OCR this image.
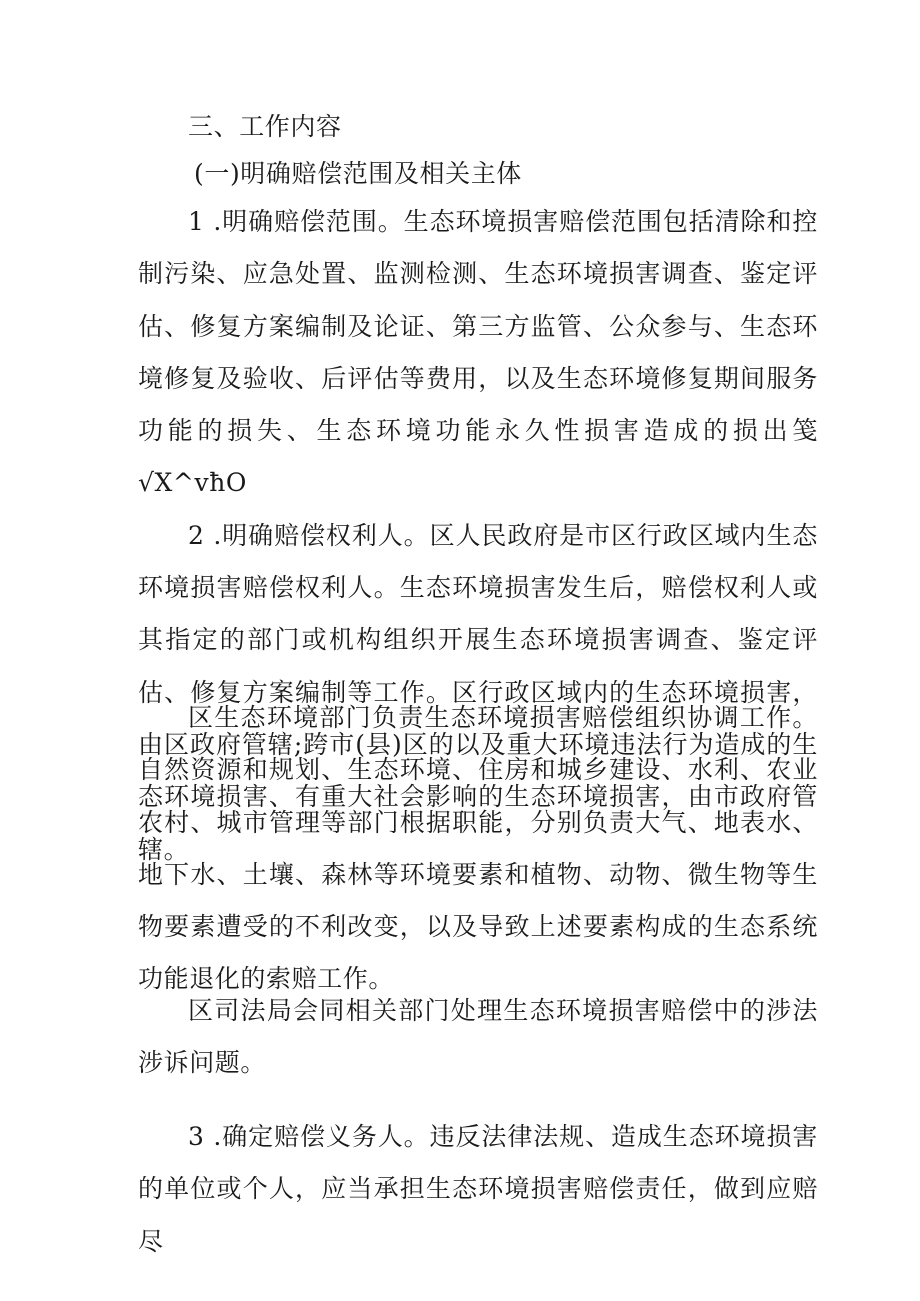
三、工作内容
(一)明确赔偿范围及相关主体

1 .明确赔偿范围。生态环境损害赔偿范围包括清除和控制污染、应急处置、监测检测、生态环境损害调查、鉴定评估、修复方案编制及论证、第三方监管、公众参与、生态环境修复及验收、后评估等费用，以及生态环境修复期间服务功能的损失、生态环境功能永久性损害造成的损出笺√X^vħO

2 .明确赔偿权利人。区人民政府是市区行政区域内生态环境损害赔偿权利人。生态环境损害发生后，赔偿权利人或其指定的部门或机构组织开展生态环境损害调查、鉴定评估、修复方案编制等工作。区行政区域内的生态环境损害，由区政府管辖;跨市(县)区的以及重大环境违法行为造成的生态环境损害、有重大社会影响的生态环境损害，由市政府管辖。

区生态环境部门负责生态环境损害赔偿组织协调工作。自然资源和规划、生态环境、住房和城乡建设、水利、农业农村、城市管理等部门根据职能，分别负责大气、地表水、地下水、土壤、森林等环境要素和植物、动物、微生物等生物要素遭受的不利改变，以及导致上述要素构成的生态系统功能退化的索赔工作。

区司法局会同相关部门处理生态环境损害赔偿中的涉法涉诉问题。

3 .确定赔偿义务人。违反法律法规、造成生态环境损害的单位或个人，应当承担生态环境损害赔偿责任，做到应赔尽
